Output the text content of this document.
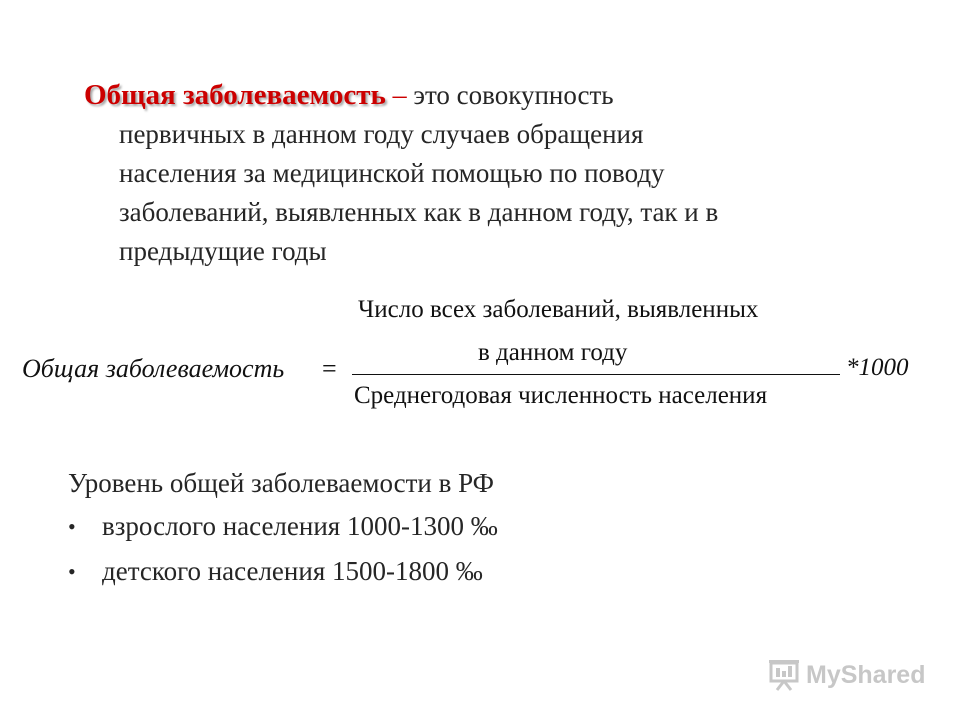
Общая заболеваемость – это совокупность
первичных в данном году случаев обращения
населения за медицинской помощью по поводу
заболеваний, выявленных как в данном году, так и в
предыдущие годы
Общая заболеваемость =
Число всех заболеваний, выявленных
в данном году
Среднегодовая численность населения
*1000
Уровень общей заболеваемости в РФ
• взрослого населения 1000-1300 ‰
• детского населения 1500-1800 ‰
MyShared
